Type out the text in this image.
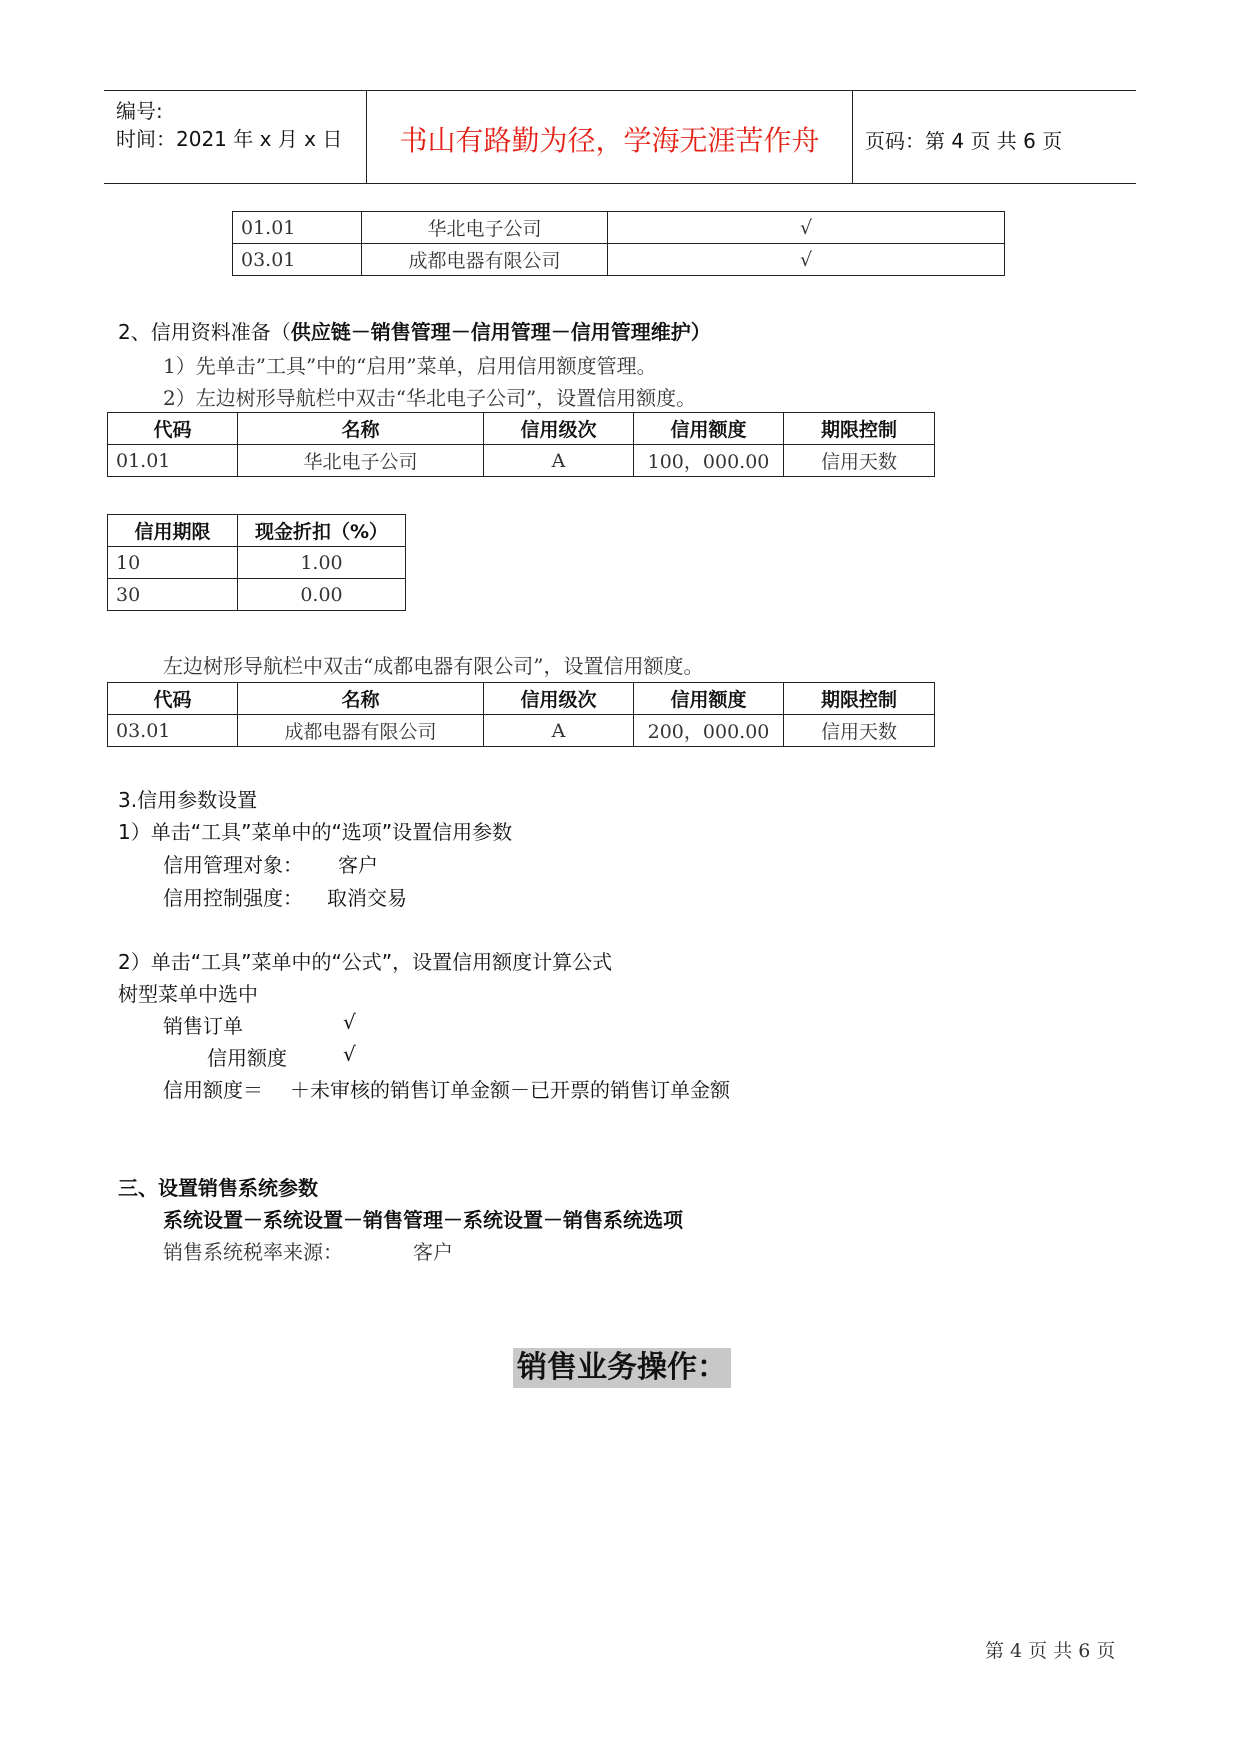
编号:
时间：2021 年 x 月 x 日	书山有路勤为径，学海无涯苦作舟	页码：第 4 页 共 6 页
01.01	华北电子公司	√
03.01	成都电器有限公司	√
2、信用资料准备（供应链－销售管理－信用管理－信用管理维护）
1）先单击”工具”中的“启用”菜单，启用信用额度管理。
2）左边树形导航栏中双击“华北电子公司”，设置信用额度。
代码	名称	信用级次	信用额度	期限控制
01.01	华北电子公司	A	100，000.00	信用天数
信用期限	现金折扣（%）
10	1.00
30	0.00
左边树形导航栏中双击“成都电器有限公司”，设置信用额度。
代码	名称	信用级次	信用额度	期限控制
03.01	成都电器有限公司	A	200，000.00	信用天数
3.信用参数设置
1）单击“工具”菜单中的“选项”设置信用参数
信用管理对象： 客户
信用控制强度： 取消交易
2）单击“工具”菜单中的“公式”，设置信用额度计算公式
树型菜单中选中
销售订单	√
信用额度	√
信用额度＝ ＋未审核的销售订单金额－已开票的销售订单金额
三、设置销售系统参数
系统设置－系统设置－销售管理－系统设置－销售系统选项
销售系统税率来源：	客户
销售业务操作：
第 4 页 共 6 页
